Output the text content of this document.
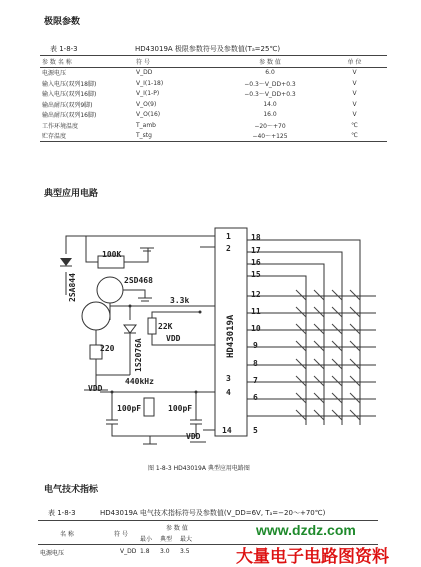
极限参数
表 1-8-3	HD43019A 极限参数符号及参数值(Tₐ=25℃)
参 数 名 称	符 号	参 数 值	单 位
电源电压	V_DD	6.0	V
输入电压(双列18脚)	V_I(1-18)	−0.3～V_DD+0.3	V
输入电压(双列16脚)	V_I(1-P)	−0.3～V_DD+0.3	V
输出耐压(双列9脚)	V_O(9)	14.0	V
输出耐压(双列16脚)	V_O(16)	16.0	V
工作环境温度	T_amb	−20～+70	℃
贮存温度	T_stg	−40～+125	℃
典型应用电路
100K
2SD468
2SA844	3.3k
22K
220 1S2076A	VDD
VDD
VDD
440kHz
100pF	100pF
HD43019A
1
2
3
4
14
18
17
16
15
12
11
10
9
8
7
6
5
图 1-8-3 HD43019A 典型应用电路图
电气技术指标
表 1-8-3	HD43019A 电气技术指标符号及参数值(V_DD=6V, Tₐ=−20～+70℃)
名 称	符 号
参 数 值
最小 典型 最大
电源电压	V_DD 1.8 3.0 3.5
www.dzdz.com
大量电子电路图资料
